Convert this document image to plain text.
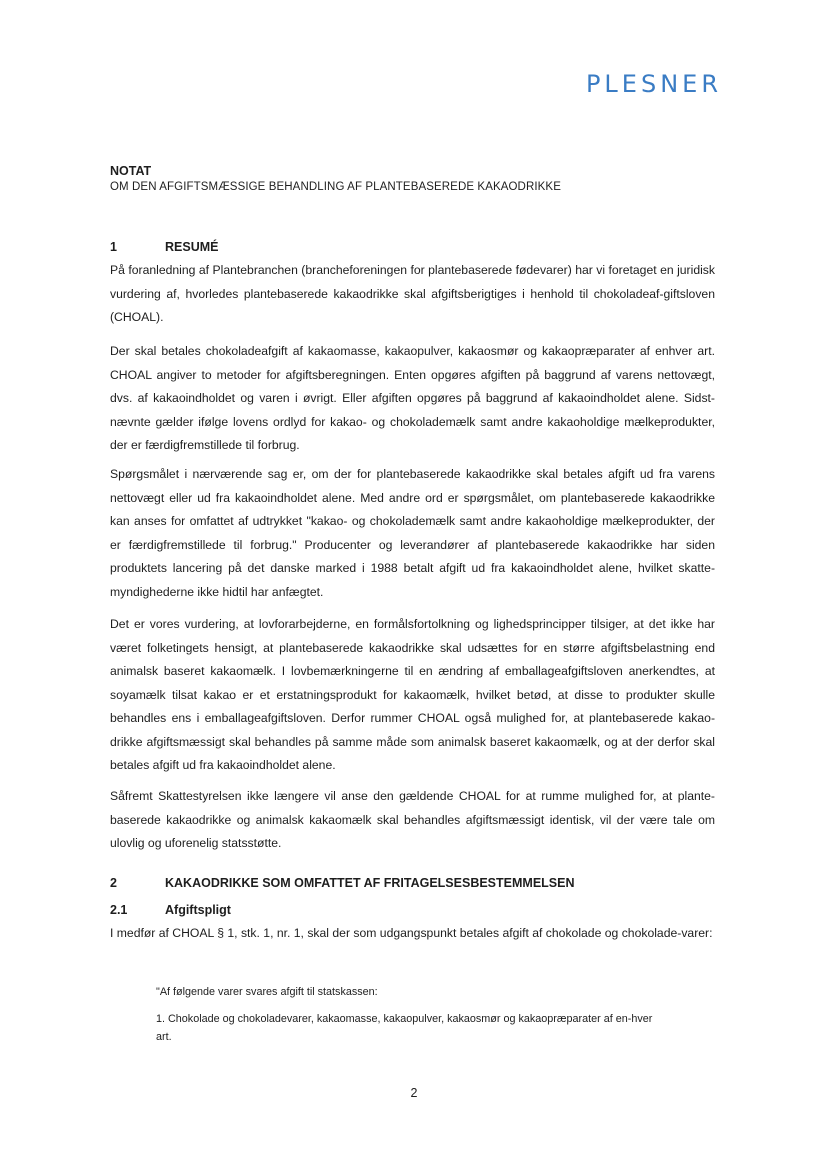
PLESNER
NOTAT
OM DEN AFGIFTSMÆSSIGE BEHANDLING AF PLANTEBASEREDE KAKAODRIKKE
1	RESUMÉ

På foranledning af Plantebranchen (brancheforeningen for plantebaserede fødevarer) har vi foretaget en juridisk vurdering af, hvorledes plantebaserede kakaodrikke skal afgiftsberigtiges i henhold til chokoladeaf-giftsloven (CHOAL).

Der skal betales chokoladeafgift af kakaomasse, kakaopulver, kakaosmør og kakaopræparater af enhver art. CHOAL angiver to metoder for afgiftsberegningen. Enten opgøres afgiften på baggrund af varens nettovægt, dvs. af kakaoindholdet og varen i øvrigt. Eller afgiften opgøres på baggrund af kakaoindholdet alene. Sidst-nævnte gælder ifølge lovens ordlyd for kakao- og chokolademælk samt andre kakaoholdige mælkeprodukter, der er færdigfremstillede til forbrug.

Spørgsmålet i nærværende sag er, om der for plantebaserede kakaodrikke skal betales afgift ud fra varens nettovægt eller ud fra kakaoindholdet alene. Med andre ord er spørgsmålet, om plantebaserede kakaodrikke kan anses for omfattet af udtrykket "kakao- og chokolademælk samt andre kakaoholdige mælkeprodukter, der er færdigfremstillede til forbrug." Producenter og leverandører af plantebaserede kakaodrikke har siden produktets lancering på det danske marked i 1988 betalt afgift ud fra kakaoindholdet alene, hvilket skatte-myndighederne ikke hidtil har anfægtet.

Det er vores vurdering, at lovforarbejderne, en formålsfortolkning og lighedsprincipper tilsiger, at det ikke har været folketingets hensigt, at plantebaserede kakaodrikke skal udsættes for en større afgiftsbelastning end animalsk baseret kakaomælk. I lovbemærkningerne til en ændring af emballageafgiftsloven anerkendtes, at soyamælk tilsat kakao er et erstatningsprodukt for kakaomælk, hvilket betød, at disse to produkter skulle behandles ens i emballageafgiftsloven. Derfor rummer CHOAL også mulighed for, at plantebaserede kakao-drikke afgiftsmæssigt skal behandles på samme måde som animalsk baseret kakaomælk, og at der derfor skal betales afgift ud fra kakaoindholdet alene.

Såfremt Skattestyrelsen ikke længere vil anse den gældende CHOAL for at rumme mulighed for, at plante-baserede kakaodrikke og animalsk kakaomælk skal behandles afgiftsmæssigt identisk, vil der være tale om ulovlig og uforenelig statsstøtte.

2	KAKAODRIKKE SOM OMFATTET AF FRITAGELSESBESTEMMELSEN
2.1	Afgiftspligt

I medfør af CHOAL § 1, stk. 1, nr. 1, skal der som udgangspunkt betales afgift af chokolade og chokolade-varer:

"Af følgende varer svares afgift til statskassen:

1. Chokolade og chokoladevarer, kakaomasse, kakaopulver, kakaosmør og kakaopræparater af en-hver art.

2
